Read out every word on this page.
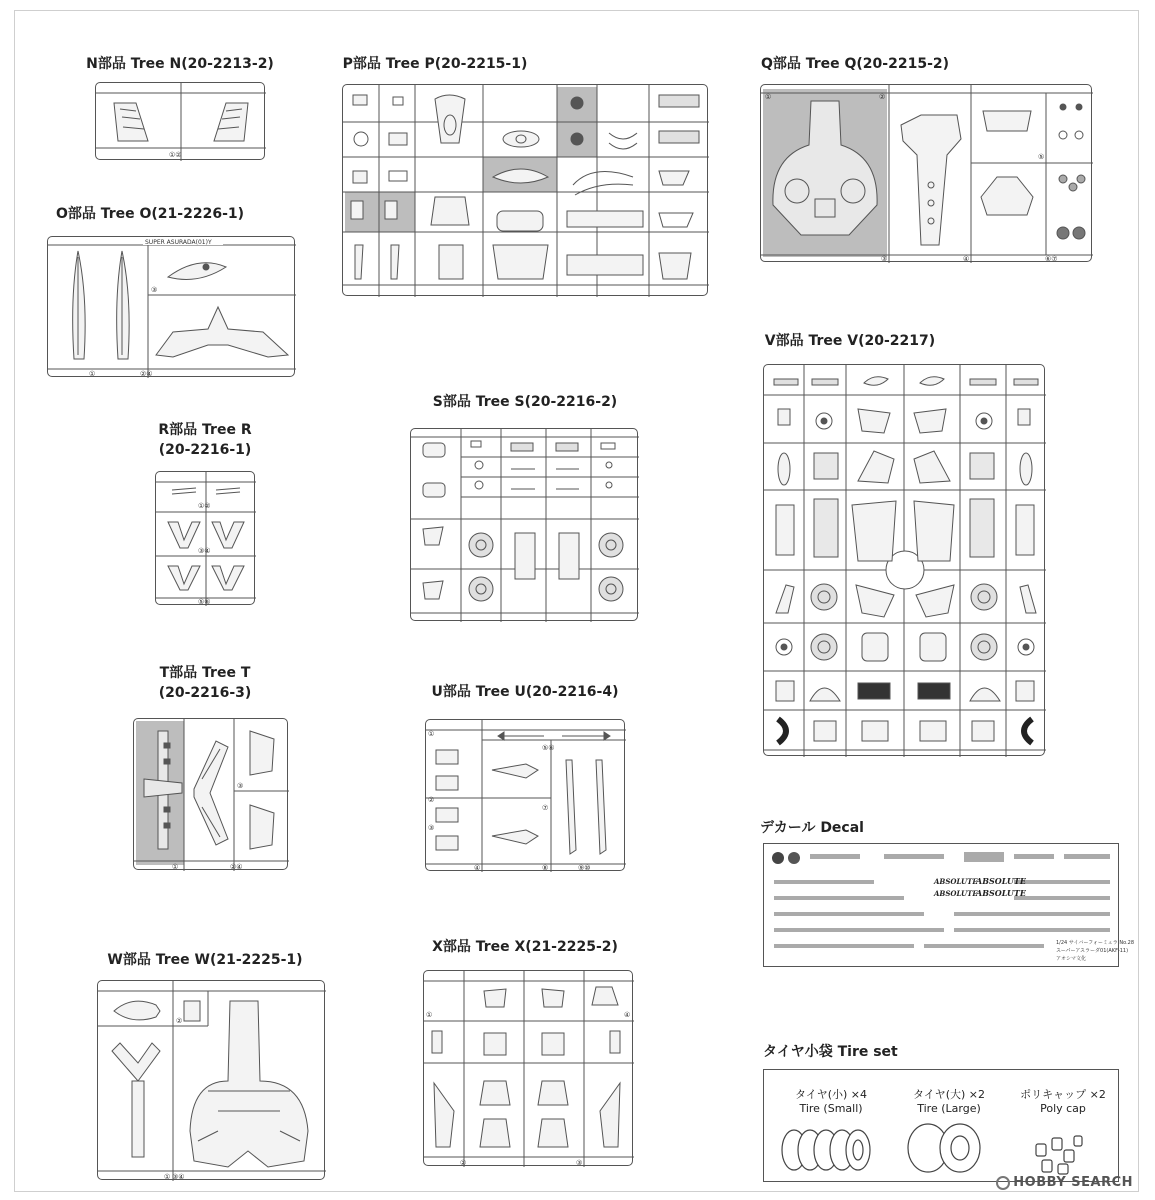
N部品 Tree N(20-2213-2)
①②
O部品 Tree O(21-2226-1)
SUPER ASURADA(01)Y
①	②④
③
P部品 Tree P(20-2215-1)	Q部品 Tree Q(20-2215-2)
①	②
③	④
⑤
⑥⑦
R部品 Tree R
(20-2216-1)
①②
③④
⑤⑥
S部品 Tree S(20-2216-2)
V部品 Tree V(20-2217)
T部品 Tree T
(20-2216-3)
①	②④
③
U部品 Tree U(20-2216-4)
①
②
③
④
⑤⑥
⑦
⑧	⑨⑩
デカール Decal
ABSOLUTE
ABSOLUTE
ABSOLUTE
ABSOLUTE
1/24 サイバーフォーミュラ No.28
スーパーアスラーダ01(AKF-11)
アオシマ文化
W部品 Tree W(21-2225-1)
①
②
③④
X部品 Tree X(21-2225-2)
①
②	③
④
タイヤ小袋 Tire set
タイヤ(小) ×4
Tire (Small)
タイヤ(大) ×2
Tire (Large)
ポリキャップ ×2
Poly cap
HOBBY SEARCH
